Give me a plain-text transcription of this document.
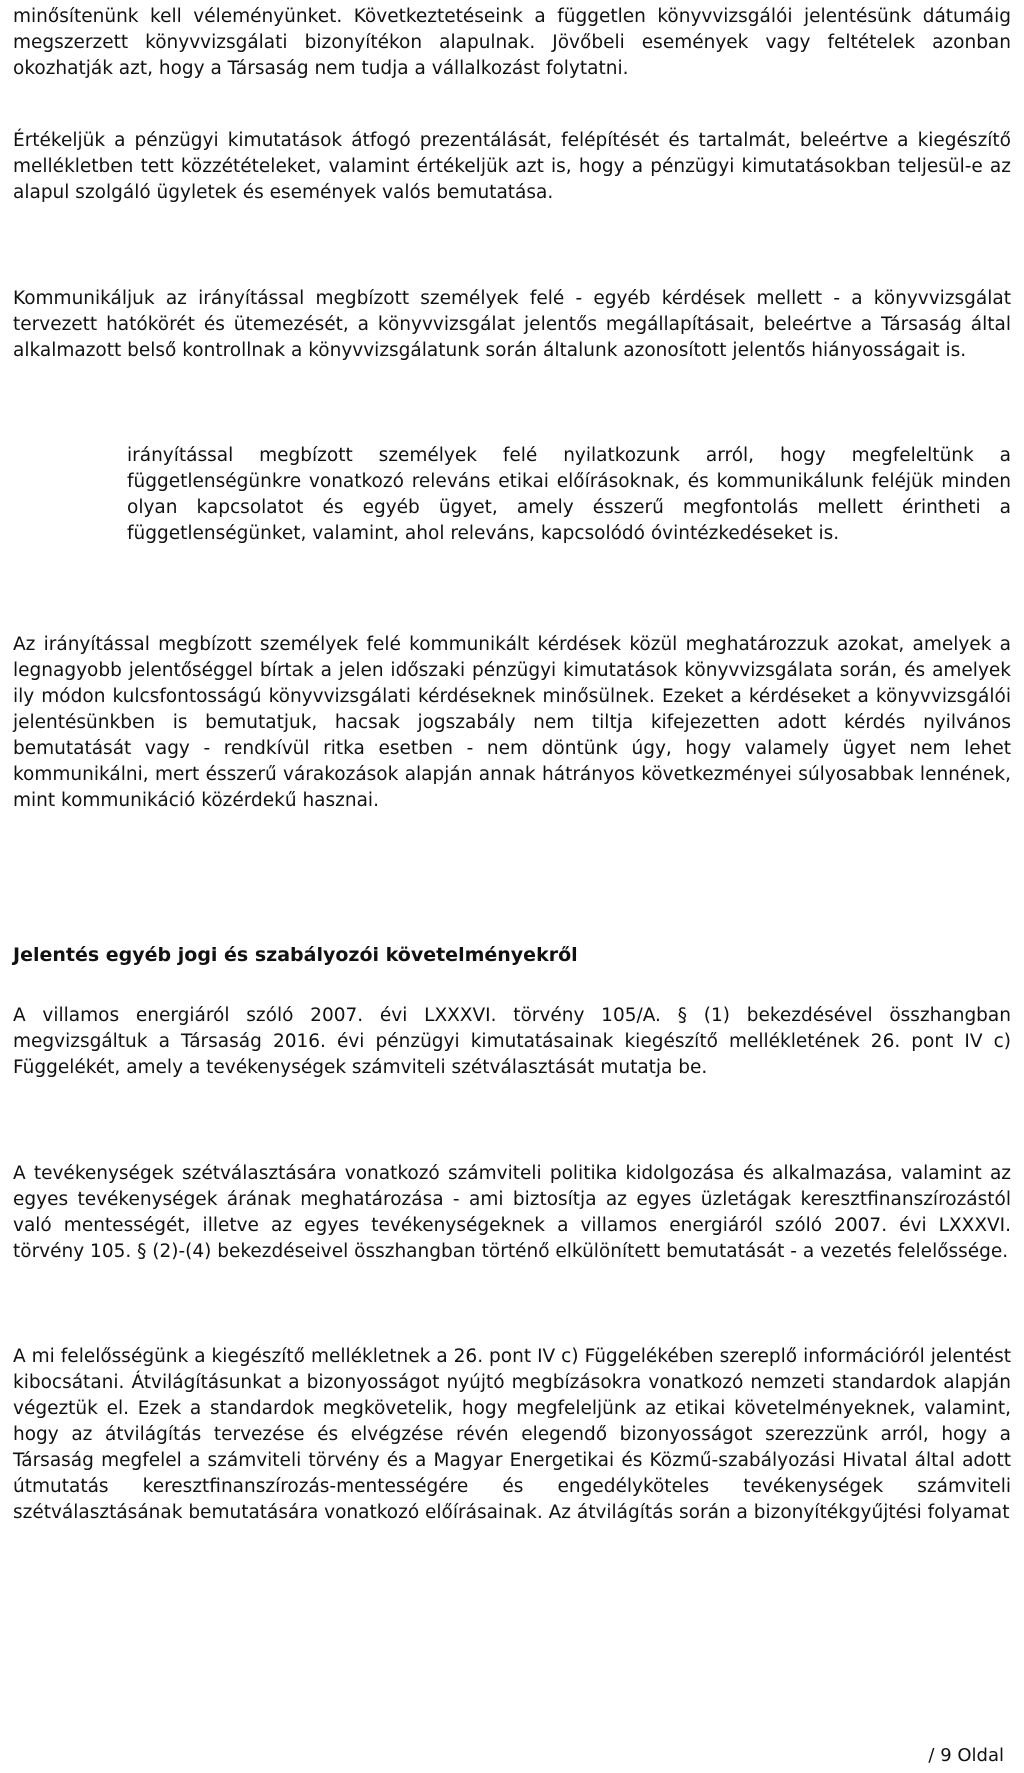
minősítenünk kell véleményünket. Következtetéseink a független könyvvizsgálói jelentésünk dátumáig megszerzett könyvvizsgálati bizonyítékon alapulnak. Jövőbeli események vagy feltételek azonban okozhatják azt, hogy a Társaság nem tudja a vállalkozást folytatni.

Értékeljük a pénzügyi kimutatások átfogó prezentálását, felépítését és tartalmát, beleértve a kiegészítő mellékletben tett közzétételeket, valamint értékeljük azt is, hogy a pénzügyi kimutatásokban teljesül-e az alapul szolgáló ügyletek és események valós bemutatása.

Kommunikáljuk az irányítással megbízott személyek felé - egyéb kérdések mellett - a könyvvizsgálat tervezett hatókörét és ütemezését, a könyvvizsgálat jelentős megállapításait, beleértve a Társaság által alkalmazott belső kontrollnak a könyvvizsgálatunk során általunk azonosított jelentős hiányosságait is.

irányítással megbízott személyek felé nyilatkozunk arról, hogy megfeleltünk a függetlenségünkre vonatkozó releváns etikai előírásoknak, és kommunikálunk feléjük minden olyan kapcsolatot és egyéb ügyet, amely ésszerű megfontolás mellett érintheti a függetlenségünket, valamint, ahol releváns, kapcsolódó óvintézkedéseket is.

Az irányítással megbízott személyek felé kommunikált kérdések közül meghatározzuk azokat, amelyek a legnagyobb jelentőséggel bírtak a jelen időszaki pénzügyi kimutatások könyvvizsgálata során, és amelyek ily módon kulcsfontosságú könyvvizsgálati kérdéseknek minősülnek. Ezeket a kérdéseket a könyvvizsgálói jelentésünkben is bemutatjuk, hacsak jogszabály nem tiltja kifejezetten adott kérdés nyilvános bemutatását vagy - rendkívül ritka esetben - nem döntünk úgy, hogy valamely ügyet nem lehet kommunikálni, mert ésszerű várakozások alapján annak hátrányos következményei súlyosabbak lennének, mint kommunikáció közérdekű hasznai.

Jelentés egyéb jogi és szabályozói követelményekről

A villamos energiáról szóló 2007. évi LXXXVI. törvény 105/A. § (1) bekezdésével összhangban megvizsgáltuk a Társaság 2016. évi pénzügyi kimutatásainak kiegészítő mellékletének 26. pont IV c) Függelékét, amely a tevékenységek számviteli szétválasztását mutatja be.

A tevékenységek szétválasztására vonatkozó számviteli politika kidolgozása és alkalmazása, valamint az egyes tevékenységek árának meghatározása - ami biztosítja az egyes üzletágak keresztfinanszírozástól való mentességét, illetve az egyes tevékenységeknek a villamos energiáról szóló 2007. évi LXXXVI. törvény 105. § (2)-(4) bekezdéseivel összhangban történő elkülönített bemutatását - a vezetés felelőssége.

A mi felelősségünk a kiegészítő mellékletnek a 26. pont IV c) Függelékében szereplő információról jelentést kibocsátani. Átvilágításunkat a bizonyosságot nyújtó megbízásokra vonatkozó nemzeti standardok alapján végeztük el. Ezek a standardok megkövetelik, hogy megfeleljünk az etikai követelményeknek, valamint, hogy az átvilágítás tervezése és elvégzése révén elegendő bizonyosságot szerezzünk arról, hogy a Társaság megfelel a számviteli törvény és a Magyar Energetikai és Közmű-szabályozási Hivatal által adott útmutatás keresztfinanszírozás-mentességére és engedélyköteles tevékenységek számviteli szétválasztásának bemutatására vonatkozó előírásainak. Az átvilágítás során a bizonyítékgyűjtési folyamat

/ 9 Oldal
